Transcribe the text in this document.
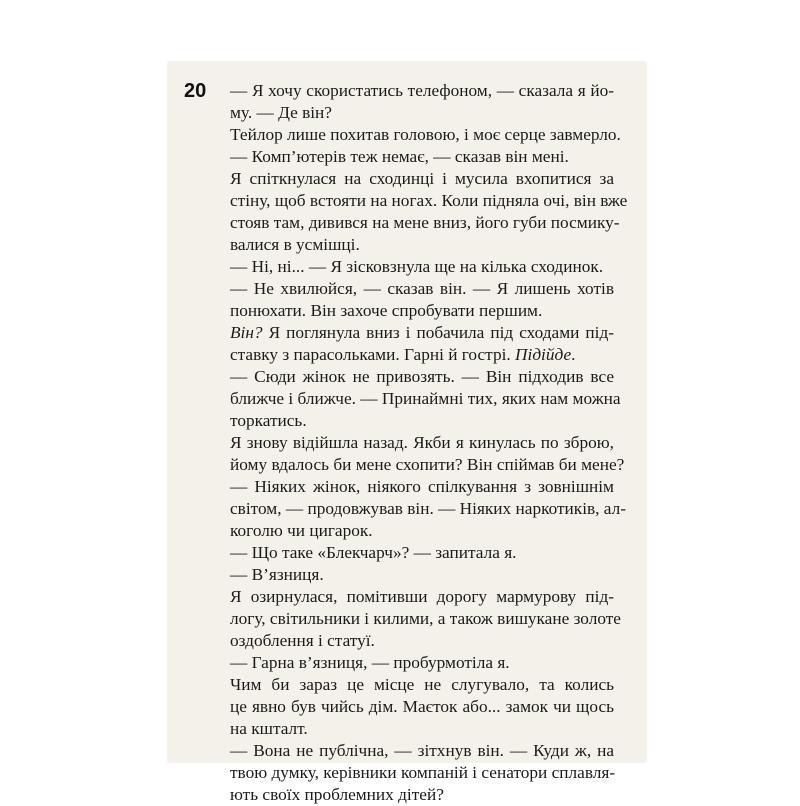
20 — Я хочу скористатись телефоном, — сказала я йо-
му. — Де він?
Тейлор лише похитав головою, і моє серце завмерло.
— Комп’ютерів теж немає, — сказав він мені.
Я спіткнулася на сходинці і мусила вхопитися за
стіну, щоб встояти на ногах. Коли підняла очі, він вже
стояв там, дивився на мене вниз, його губи посмику-
валися в усмішці.
— Ні, ні... — Я зісковзнула ще на кілька сходинок.
— Не хвилюйся, — сказав він. — Я лишень хотів
понюхати. Він захоче спробувати першим.
Він? Я поглянула вниз і побачила під сходами під-
ставку з парасольками. Гарні й гострі. Підійде.
— Сюди жінок не привозять. — Він підходив все
ближче і ближче. — Принаймні тих, яких нам можна
торкатись.
Я знову відійшла назад. Якби я кинулась по зброю,
йому вдалось би мене схопити? Він спіймав би мене?
— Ніяких жінок, ніякого спілкування з зовнішнім
світом, — продовжував він. — Ніяких наркотиків, ал-
коголю чи цигарок.
— Що таке «Блекчарч»? — запитала я.
— В’язниця.
Я озирнулася, помітивши дорогу мармурову під-
логу, світильники і килими, а також вишукане золоте
оздоблення і статуї.
— Гарна в’язниця, — пробурмотіла я.
Чим би зараз це місце не слугувало, та колись
це явно був чийсь дім. Маєток або... замок чи щось
на кшталт.
— Вона не публічна, — зітхнув він. — Куди ж, на
твою думку, керівники компаній і сенатори сплавля-
ють своїх проблемних дітей?
